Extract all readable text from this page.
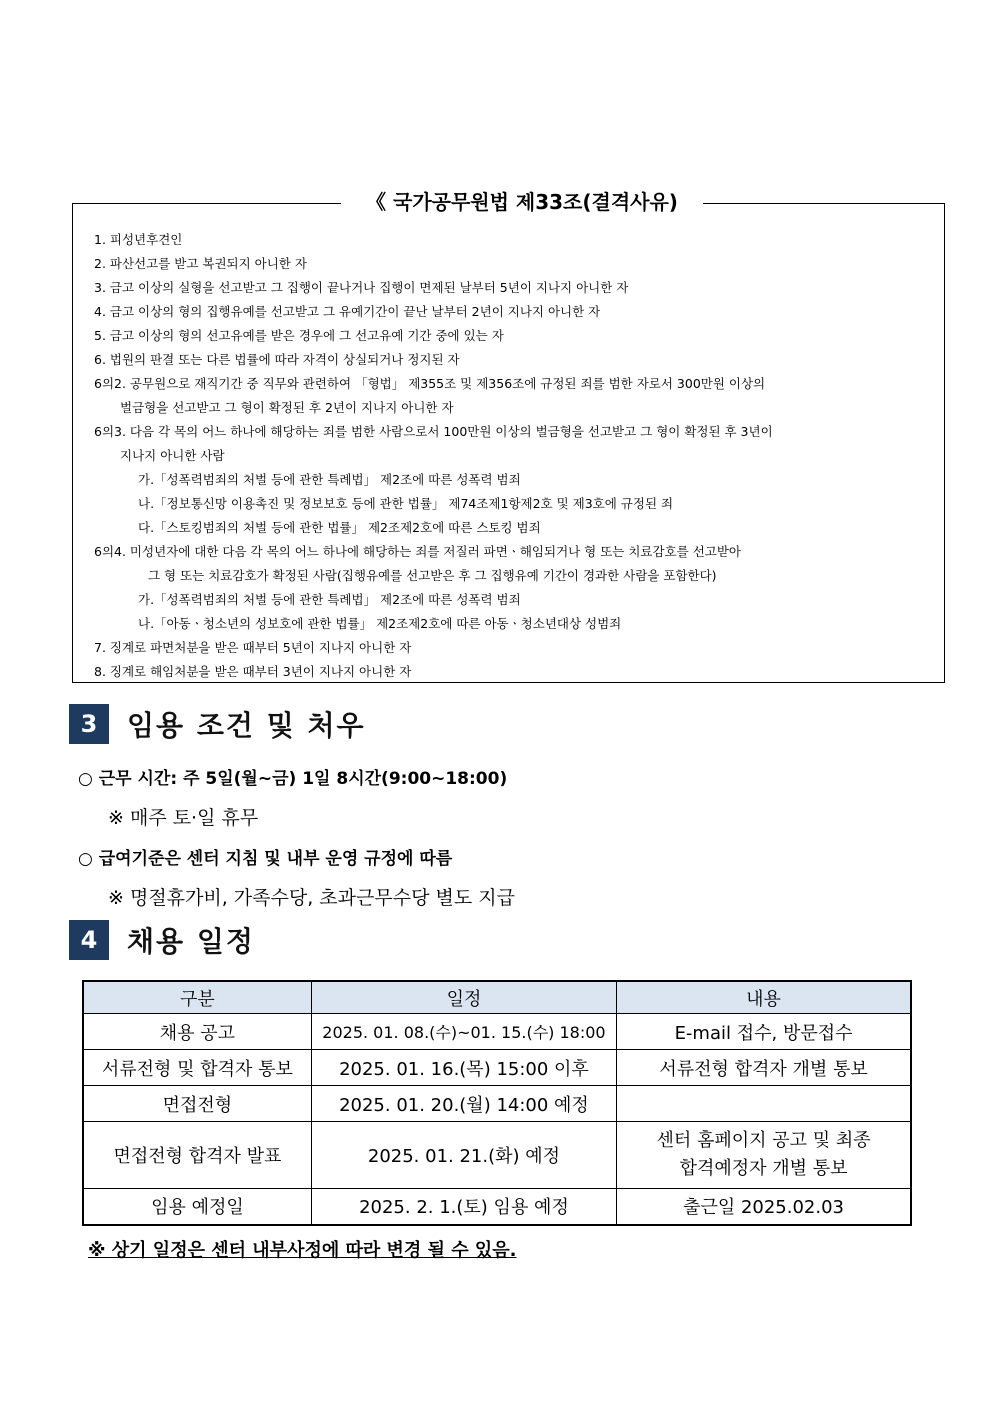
《 국가공무원법 제33조(결격사유)
1. 피성년후견인
2. 파산선고를 받고 복권되지 아니한 자
3. 금고 이상의 실형을 선고받고 그 집행이 끝나거나 집행이 면제된 날부터 5년이 지나지 아니한 자
4. 금고 이상의 형의 집행유예를 선고받고 그 유예기간이 끝난 날부터 2년이 지나지 아니한 자
5. 금고 이상의 형의 선고유예를 받은 경우에 그 선고유예 기간 중에 있는 자
6. 법원의 판결 또는 다른 법률에 따라 자격이 상실되거나 정지된 자
6의2. 공무원으로 재직기간 중 직무와 관련하여 「형법」 제355조 및 제356조에 규정된 죄를 범한 자로서 300만원 이상의
벌금형을 선고받고 그 형이 확정된 후 2년이 지나지 아니한 자
6의3. 다음 각 목의 어느 하나에 해당하는 죄를 범한 사람으로서 100만원 이상의 벌금형을 선고받고 그 형이 확정된 후 3년이
지나지 아니한 사람
가.「성폭력범죄의 처벌 등에 관한 특례법」 제2조에 따른 성폭력 범죄
나.「정보통신망 이용촉진 및 정보보호 등에 관한 법률」 제74조제1항제2호 및 제3호에 규정된 죄
다.「스토킹범죄의 처벌 등에 관한 법률」 제2조제2호에 따른 스토킹 범죄
6의4. 미성년자에 대한 다음 각 목의 어느 하나에 해당하는 죄를 저질러 파면ㆍ해임되거나 형 또는 치료감호를 선고받아
그 형 또는 치료감호가 확정된 사람(집행유예를 선고받은 후 그 집행유예 기간이 경과한 사람을 포함한다)
가.「성폭력범죄의 처벌 등에 관한 특례법」 제2조에 따른 성폭력 범죄
나.「아동ㆍ청소년의 성보호에 관한 법률」 제2조제2호에 따른 아동ㆍ청소년대상 성범죄
7. 징계로 파면처분을 받은 때부터 5년이 지나지 아니한 자
8. 징계로 해임처분을 받은 때부터 3년이 지나지 아니한 자
3	임용 조건 및 처우
○ 근무 시간: 주 5일(월~금) 1일 8시간(9:00~18:00)
※ 매주 토·일 휴무
○ 급여기준은 센터 지침 및 내부 운영 규정에 따름
※ 명절휴가비, 가족수당, 초과근무수당 별도 지급
4	채용 일정
구분	일정	내용
채용 공고	2025. 01. 08.(수)~01. 15.(수) 18:00	E-mail 접수, 방문접수
서류전형 및 합격자 통보	2025. 01. 16.(목) 15:00 이후	서류전형 합격자 개별 통보
면접전형	2025. 01. 20.(월) 14:00 예정	
면접전형 합격자 발표	2025. 01. 21.(화) 예정	센터 홈페이지 공고 및 최종
합격예정자 개별 통보
임용 예정일	2025. 2. 1.(토) 임용 예정	출근일 2025.02.03
※ 상기 일정은 센터 내부사정에 따라 변경 될 수 있음.
